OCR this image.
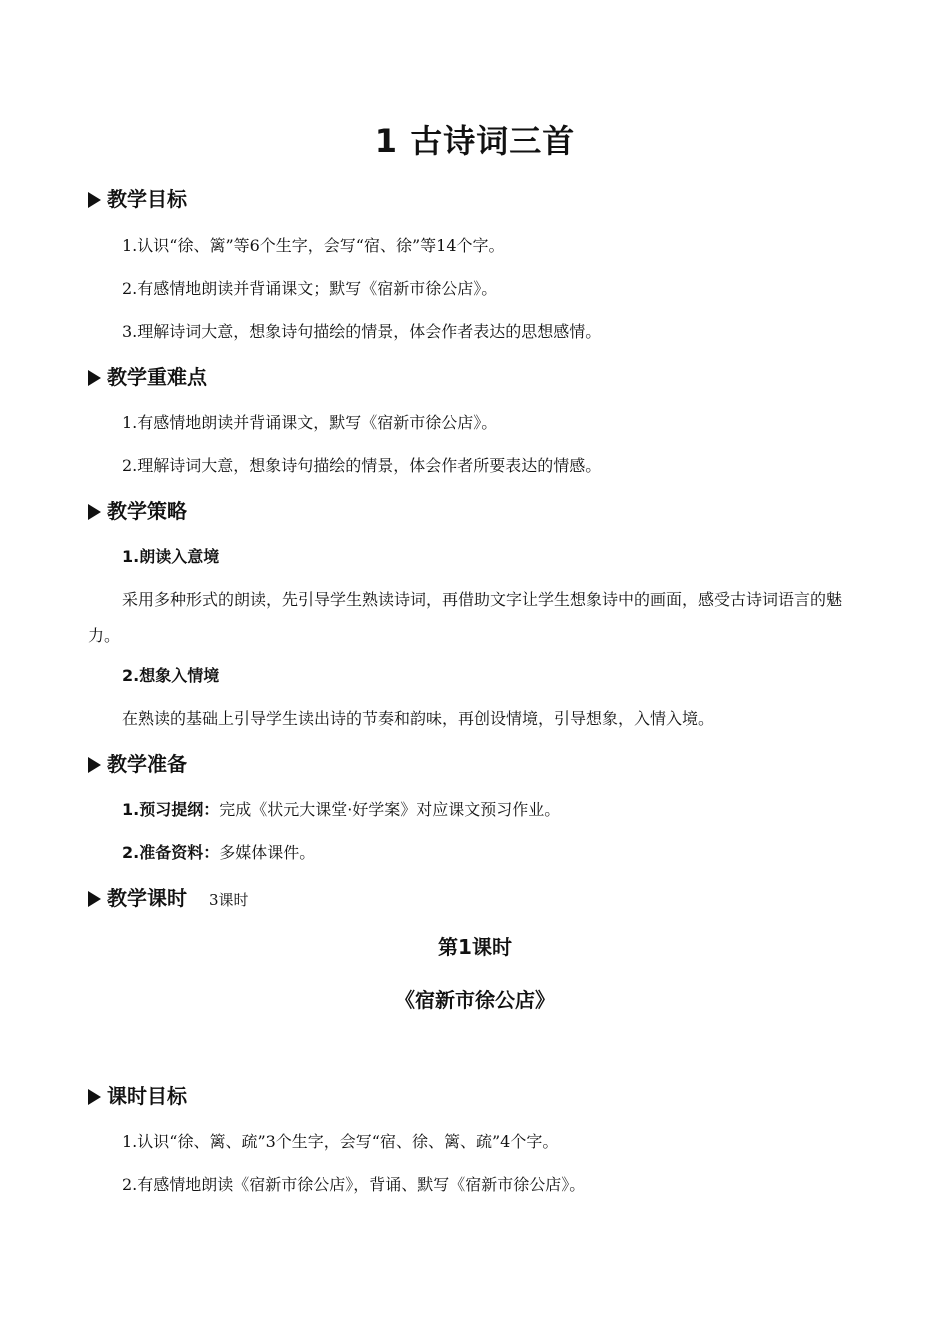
1 古诗词三首
教学目标
1.认识“徐、篱”等6个生字，会写“宿、徐”等14个字。
2.有感情地朗读并背诵课文；默写《宿新市徐公店》。
3.理解诗词大意，想象诗句描绘的情景，体会作者表达的思想感情。
教学重难点
1.有感情地朗读并背诵课文，默写《宿新市徐公店》。
2.理解诗词大意，想象诗句描绘的情景，体会作者所要表达的情感。
教学策略
1.朗读入意境
采用多种形式的朗读，先引导学生熟读诗词，再借助文字让学生想象诗中的画面，感受古诗词语言的魅力。
2.想象入情境
在熟读的基础上引导学生读出诗的节奏和韵味，再创设情境，引导想象，入情入境。
教学准备
1.预习提纲：完成《状元大课堂·好学案》对应课文预习作业。
2.准备资料：多媒体课件。
教学课时 3课时
第1课时
《宿新市徐公店》
课时目标
1.认识“徐、篱、疏”3个生字，会写“宿、徐、篱、疏”4个字。
2.有感情地朗读《宿新市徐公店》，背诵、默写《宿新市徐公店》。
